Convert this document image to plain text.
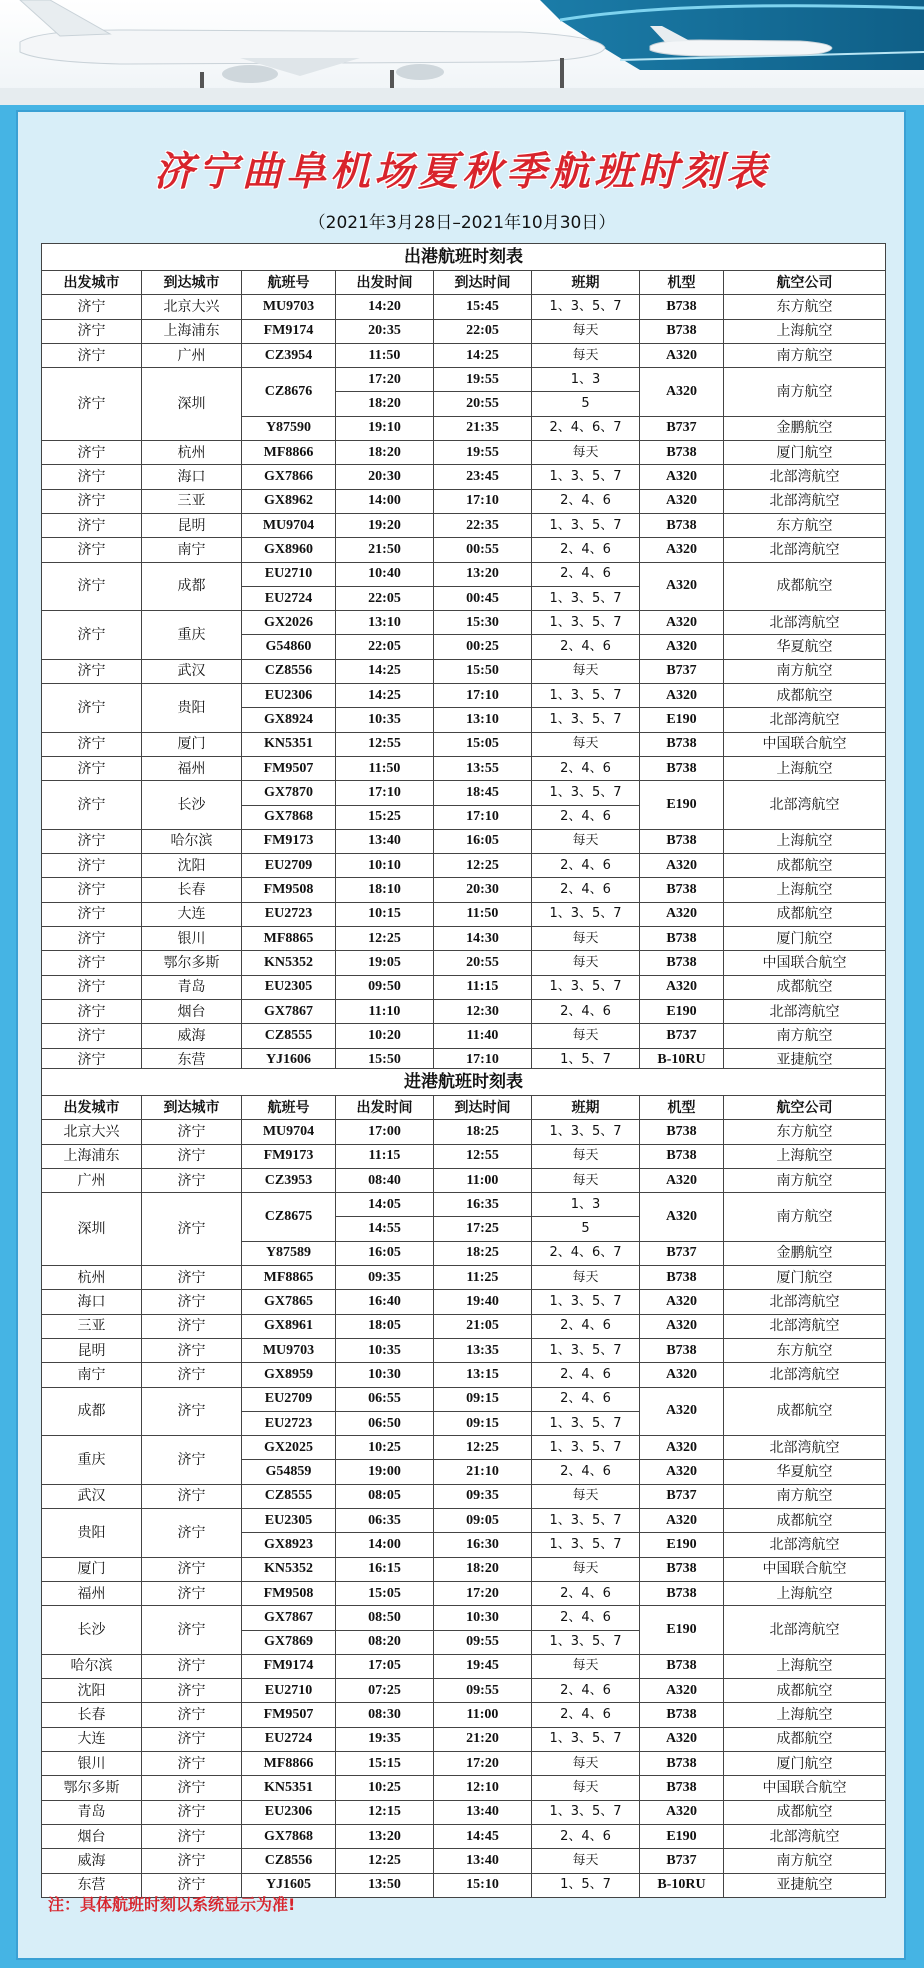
济宁曲阜机场夏秋季航班时刻表
（2021年3月28日–2021年10月30日）
出港航班时刻表							
出发城市	到达城市	航班号	出发时间	到达时间	班期	机型	航空公司
济宁	北京大兴	MU9703	14:20	15:45	1、3、5、7	B738	东方航空
济宁	上海浦东	FM9174	20:35	22:05	每天	B738	上海航空
济宁	广州	CZ3954	11:50	14:25	每天	A320	南方航空
济宁	深圳	CZ8676	17:20	19:55	1、3	A320	南方航空
			18:20	20:55	5		
		Y87590	19:10	21:35	2、4、6、7	B737	金鹏航空
济宁	杭州	MF8866	18:20	19:55	每天	B738	厦门航空
济宁	海口	GX7866	20:30	23:45	1、3、5、7	A320	北部湾航空
济宁	三亚	GX8962	14:00	17:10	2、4、6	A320	北部湾航空
济宁	昆明	MU9704	19:20	22:35	1、3、5、7	B738	东方航空
济宁	南宁	GX8960	21:50	00:55	2、4、6	A320	北部湾航空
济宁	成都	EU2710	10:40	13:20	2、4、6	A320	成都航空
		EU2724	22:05	00:45	1、3、5、7		
济宁	重庆	GX2026	13:10	15:30	1、3、5、7	A320	北部湾航空
		G54860	22:05	00:25	2、4、6	A320	华夏航空
济宁	武汉	CZ8556	14:25	15:50	每天	B737	南方航空
济宁	贵阳	EU2306	14:25	17:10	1、3、5、7	A320	成都航空
		GX8924	10:35	13:10	1、3、5、7	E190	北部湾航空
济宁	厦门	KN5351	12:55	15:05	每天	B738	中国联合航空
济宁	福州	FM9507	11:50	13:55	2、4、6	B738	上海航空
济宁	长沙	GX7870	17:10	18:45	1、3、5、7	E190	北部湾航空
		GX7868	15:25	17:10	2、4、6		
济宁	哈尔滨	FM9173	13:40	16:05	每天	B738	上海航空
济宁	沈阳	EU2709	10:10	12:25	2、4、6	A320	成都航空
济宁	长春	FM9508	18:10	20:30	2、4、6	B738	上海航空
济宁	大连	EU2723	10:15	11:50	1、3、5、7	A320	成都航空
济宁	银川	MF8865	12:25	14:30	每天	B738	厦门航空
济宁	鄂尔多斯	KN5352	19:05	20:55	每天	B738	中国联合航空
济宁	青岛	EU2305	09:50	11:15	1、3、5、7	A320	成都航空
济宁	烟台	GX7867	11:10	12:30	2、4、6	E190	北部湾航空
济宁	威海	CZ8555	10:20	11:40	每天	B737	南方航空
济宁	东营	YJ1606	15:50	17:10	1、5、7	B-10RU	亚捷航空
进港航班时刻表							
出发城市	到达城市	航班号	出发时间	到达时间	班期	机型	航空公司
北京大兴	济宁	MU9704	17:00	18:25	1、3、5、7	B738	东方航空
上海浦东	济宁	FM9173	11:15	12:55	每天	B738	上海航空
广州	济宁	CZ3953	08:40	11:00	每天	A320	南方航空
深圳	济宁	CZ8675	14:05	16:35	1、3	A320	南方航空
			14:55	17:25	5		
		Y87589	16:05	18:25	2、4、6、7	B737	金鹏航空
杭州	济宁	MF8865	09:35	11:25	每天	B738	厦门航空
海口	济宁	GX7865	16:40	19:40	1、3、5、7	A320	北部湾航空
三亚	济宁	GX8961	18:05	21:05	2、4、6	A320	北部湾航空
昆明	济宁	MU9703	10:35	13:35	1、3、5、7	B738	东方航空
南宁	济宁	GX8959	10:30	13:15	2、4、6	A320	北部湾航空
成都	济宁	EU2709	06:55	09:15	2、4、6	A320	成都航空
		EU2723	06:50	09:15	1、3、5、7		
重庆	济宁	GX2025	10:25	12:25	1、3、5、7	A320	北部湾航空
		G54859	19:00	21:10	2、4、6	A320	华夏航空
武汉	济宁	CZ8555	08:05	09:35	每天	B737	南方航空
贵阳	济宁	EU2305	06:35	09:05	1、3、5、7	A320	成都航空
		GX8923	14:00	16:30	1、3、5、7	E190	北部湾航空
厦门	济宁	KN5352	16:15	18:20	每天	B738	中国联合航空
福州	济宁	FM9508	15:05	17:20	2、4、6	B738	上海航空
长沙	济宁	GX7867	08:50	10:30	2、4、6	E190	北部湾航空
		GX7869	08:20	09:55	1、3、5、7		
哈尔滨	济宁	FM9174	17:05	19:45	每天	B738	上海航空
沈阳	济宁	EU2710	07:25	09:55	2、4、6	A320	成都航空
长春	济宁	FM9507	08:30	11:00	2、4、6	B738	上海航空
大连	济宁	EU2724	19:35	21:20	1、3、5、7	A320	成都航空
银川	济宁	MF8866	15:15	17:20	每天	B738	厦门航空
鄂尔多斯	济宁	KN5351	10:25	12:10	每天	B738	中国联合航空
青岛	济宁	EU2306	12:15	13:40	1、3、5、7	A320	成都航空
烟台	济宁	GX7868	13:20	14:45	2、4、6	E190	北部湾航空
威海	济宁	CZ8556	12:25	13:40	每天	B737	南方航空
东营	济宁	YJ1605	13:50	15:10	1、5、7	B-10RU	亚捷航空
注：具体航班时刻以系统显示为准!
